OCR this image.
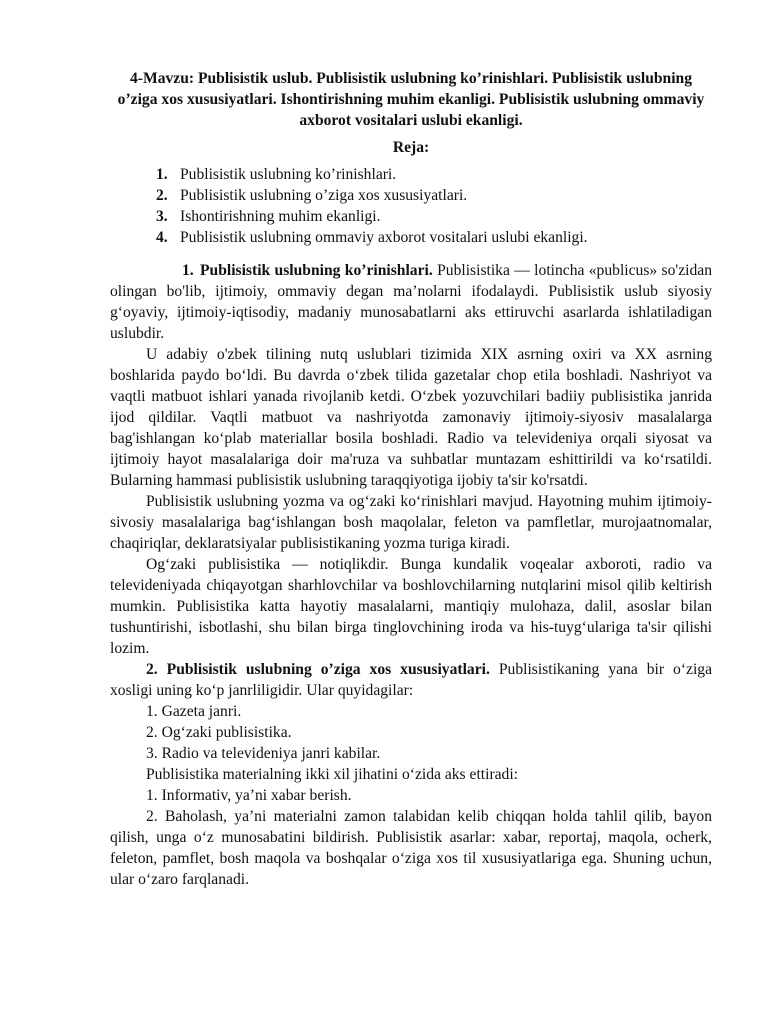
4-Mavzu: Publisistik uslub. Publisistik uslubning ko’rinishlari. Publisistik uslubning o’ziga xos xususiyatlari. Ishontirishning muhim ekanligi. Publisistik uslubning ommaviy axborot vositalari uslubi ekanligi.

Reja:

1. Publisistik uslubning ko’rinishlari.
2. Publisistik uslubning o’ziga xos xususiyatlari.
3. Ishontirishning muhim ekanligi.
4. Publisistik uslubning ommaviy axborot vositalari uslubi ekanligi.

1. Publisistik uslubning ko’rinishlari. Publisistika — lotincha «publicus» so'zidan olingan bo'lib, ijtimoiy, ommaviy degan ma’nolarni ifodalaydi. Publisistik uslub siyosiy g‘oyaviy, ijtimoiy-iqtisodiy, madaniy munosabatlarni aks ettiruvchi asarlarda ishlatiladigan uslubdir.

U adabiy o'zbek tilining nutq uslublari tizimida XIX asrning oxiri va XX asrning boshlarida paydo bo‘ldi. Bu davrda o‘zbek tilida gazetalar chop etila boshladi. Nashriyot va vaqtli matbuot ishlari yanada rivojlanib ketdi. O‘zbek yozuvchilari badiiy publisistika janrida ijod qildilar. Vaqtli matbuot va nashriyotda zamonaviy ijtimoiy-siyosiv masalalarga bag'ishlangan ko‘plab materiallar bosila boshladi. Radio va televideniya orqali siyosat va ijtimoiy hayot masalalariga doir ma'ruza va suhbatlar muntazam eshittirildi va ko‘rsatildi. Bularning hammasi publisistik uslubning taraqqiyotiga ijobiy ta'sir ko'rsatdi.

Publisistik uslubning yozma va og‘zaki ko‘rinishlari mavjud. Hayotning muhim ijtimoiy-sivosiy masalalariga bag‘ishlangan bosh maqolalar, feleton va pamfletlar, murojaatnomalar, chaqiriqlar, deklaratsiyalar publisistikaning yozma turiga kiradi.

Og‘zaki publisistika — notiqlikdir. Bunga kundalik voqealar axboroti, radio va televideniyada chiqayotgan sharhlovchilar va boshlovchilarning nutqlarini misol qilib keltirish mumkin. Publisistika katta hayotiy masalalarni, mantiqiy mulohaza, dalil, asoslar bilan tushuntirishi, isbotlashi, shu bilan birga tinglovchining iroda va his-tuyg‘ulariga ta'sir qilishi lozim.

2. Publisistik uslubning o’ziga xos xususiyatlari. Publisistikaning yana bir o‘ziga xosligi uning ko‘p janrliligidir. Ular quyidagilar:

1. Gazeta janri.

2. Og‘zaki publisistika.

3. Radio va televideniya janri kabilar.

Publisistika materialning ikki xil jihatini o‘zida aks ettiradi:

1. Informativ, ya’ni xabar berish.

2. Baholash, ya’ni materialni zamon talabidan kelib chiqqan holda tahlil qilib, bayon qilish, unga o‘z munosabatini bildirish. Publisistik asarlar: xabar, reportaj, maqola, ocherk, feleton, pamflet, bosh maqola va boshqalar o‘ziga xos til xususiyatlariga ega. Shuning uchun, ular o‘zaro farqlanadi.
